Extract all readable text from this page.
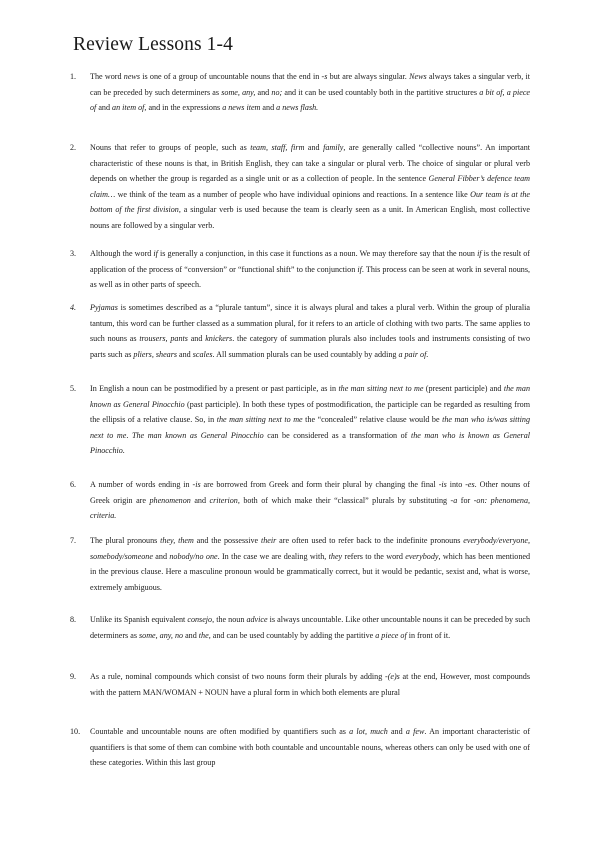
Review Lessons 1-4
1.	The word news is one of a group of uncountable nouns that the end in -s but are always singular. News always takes a singular verb, it can be preceded by such determiners as some, any, and no; and it can be used countably both in the partitive structures a bit of, a piece of and an item of, and in the expressions a news item and a news flash.
2.	Nouns that refer to groups of people, such as team, staff, firm and family, are generally called “collective nouns”. An important characteristic of these nouns is that, in British English, they can take a singular or plural verb. The choice of singular or plural verb depends on whether the group is regarded as a single unit or as a collection of people. In the sentence General Fibber’s defence team claim… we think of the team as a number of people who have individual opinions and reactions. In a sentence like Our team is at the bottom of the first division, a singular verb is used because the team is clearly seen as a unit. In American English, most collective nouns are followed by a singular verb.
3.	Although the word if is generally a conjunction, in this case it functions as a noun. We may therefore say that the noun if is the result of application of the process of “conversion” or “functional shift” to the conjunction if. This process can be seen at work in several nouns, as well as in other parts of speech.
4.	Pyjamas is sometimes described as a “plurale tantum”, since it is always plural and takes a plural verb. Within the group of pluralia tantum, this word can be further classed as a summation plural, for it refers to an article of clothing with two parts. The same applies to such nouns as trousers, pants and knickers. the category of summation plurals also includes tools and instruments consisting of two parts such as pliers, shears and scales. All summation plurals can be used countably by adding a pair of.
5.	In English a noun can be postmodified by a present or past participle, as in the man sitting next to me (present participle) and the man known as General Pinocchio (past participle). In both these types of postmodification, the participle can be regarded as resulting from the ellipsis of a relative clause. So, in the man sitting next to me the “concealed” relative clause would be the man who is/was sitting next to me. The man known as General Pinocchio can be considered as a transformation of the man who is known as General Pinocchio.
6.	A number of words ending in -is are borrowed from Greek and form their plural by changing the final -is into -es. Other nouns of Greek origin are phenomenon and criterion, both of which make their “classical” plurals by substituting -a for -on: phenomena, criteria.
7.	The plural pronouns they, them and the possessive their are often used to refer back to the indefinite pronouns everybody/everyone, somebody/someone and nobody/no one. In the case we are dealing with, they refers to the word everybody, which has been mentioned in the previous clause. Here a masculine pronoun would be grammatically correct, but it would be pedantic, sexist and, what is worse, extremely ambiguous.
8.	Unlike its Spanish equivalent consejo, the noun advice is always uncountable. Like other uncountable nouns it can be preceded by such determiners as some, any, no and the, and can be used countably by adding the partitive a piece of in front of it.
9.	As a rule, nominal compounds which consist of two nouns form their plurals by adding -(e)s at the end, However, most compounds with the pattern MAN/WOMAN + NOUN have a plural form in which both elements are plural
10.	Countable and uncountable nouns are often modified by quantifiers such as a lot, much and a few. An important characteristic of quantifiers is that some of them can combine with both countable and uncountable nouns, whereas others can only be used with one of these categories. Within this last group
